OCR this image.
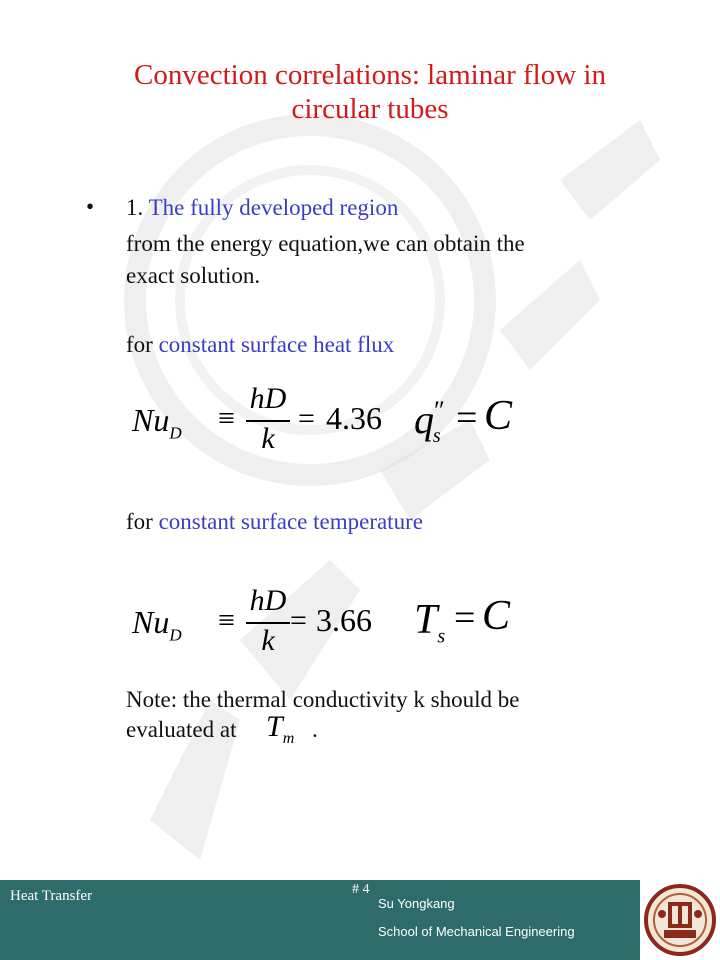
Convection correlations: laminar flow in
circular tubes
• 1. The fully developed region
from the energy equation,we can obtain the
exact solution.
for constant surface heat flux
$Nu_D$ ≡
hD
k
= 4.36 $q''_s = C$
for constant surface temperature
$Nu_D$ ≡
hD
k
= 3.66 $T_s = C$
Note: the thermal conductivity k should be
evaluated at $T_m$ .
Heat Transfer	# 4
Su Yongkang
School of Mechanical Engineering
